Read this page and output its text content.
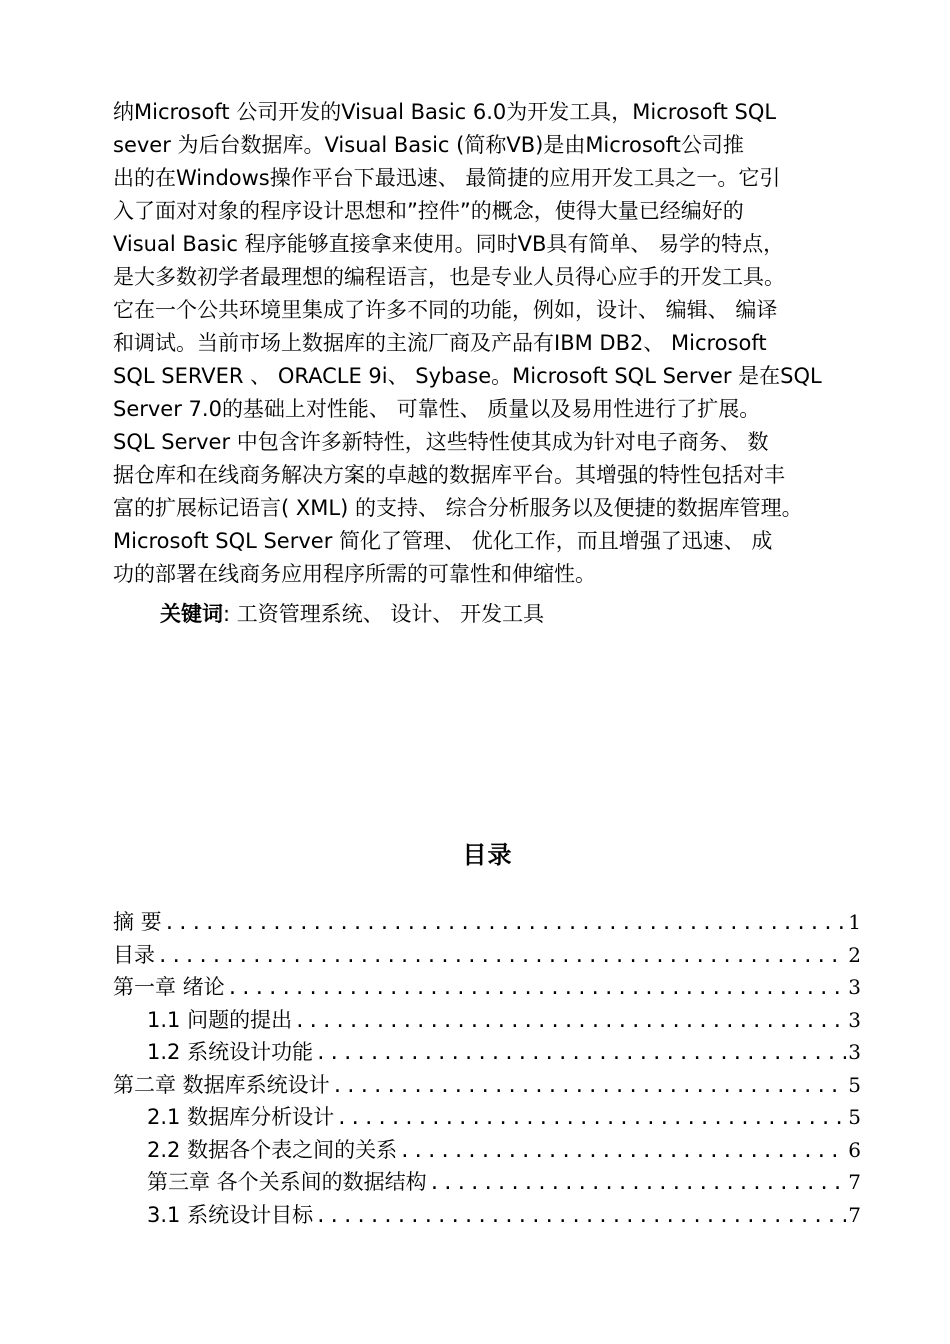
纳Microsoft 公司开发的Visual Basic 6.0为开发工具，Microsoft SQL
sever 为后台数据库。Visual Basic (简称VB)是由Microsoft公司推
出的在Windows操作平台下最迅速、 最简捷的应用开发工具之一。它引
入了面对对象的程序设计思想和”控件”的概念，使得大量已经编好的
Visual Basic 程序能够直接拿来使用。同时VB具有简单、 易学的特点，
是大多数初学者最理想的编程语言，也是专业人员得心应手的开发工具。
它在一个公共环境里集成了许多不同的功能，例如，设计、 编辑、 编译
和调试。当前市场上数据库的主流厂商及产品有IBM DB2、 Microsoft
SQL SERVER 、 ORACLE 9i、 Sybase。Microsoft SQL Server 是在SQL
Server 7.0的基础上对性能、 可靠性、 质量以及易用性进行了扩展。
SQL Server 中包含许多新特性，这些特性使其成为针对电子商务、 数
据仓库和在线商务解决方案的卓越的数据库平台。其增强的特性包括对丰
富的扩展标记语言( XML) 的支持、 综合分析服务以及便捷的数据库管理。
Microsoft SQL Server 简化了管理、 优化工作，而且增强了迅速、 成
功的部署在线商务应用程序所需的可靠性和伸缩性。
关键词: 工资管理系统、 设计、 开发工具
目录
摘 要 .....	1
目录 .....	2
第一章 绪论 .....	3
1.1 问题的提出 .....	3
1.2 系统设计功能 .....	3
第二章 数据库系统设计 .....	5
2.1 数据库分析设计 .....	5
2.2 数据各个表之间的关系 .....	6
第三章 各个关系间的数据结构 .....	7
3.1 系统设计目标 .....	7
